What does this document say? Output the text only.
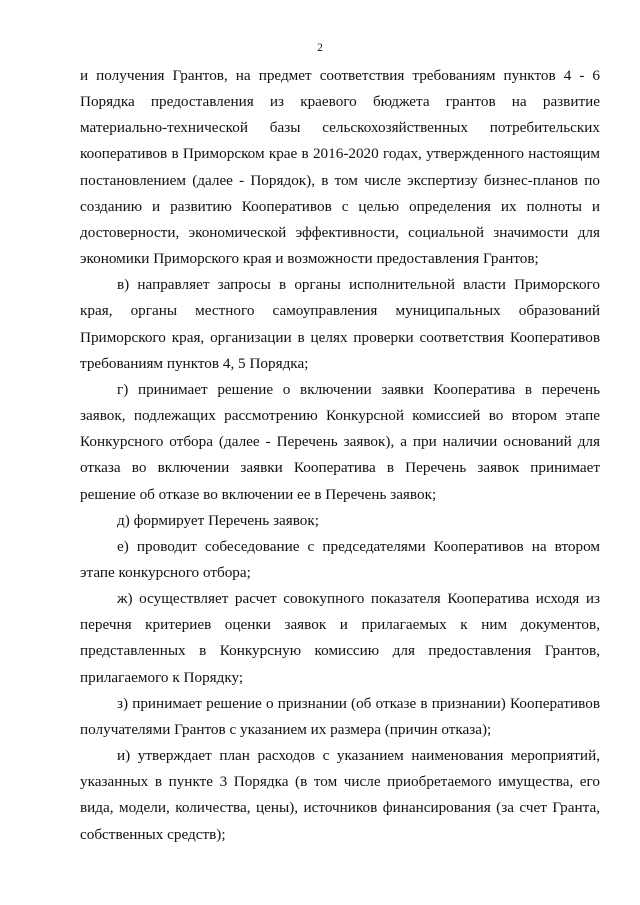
2

и получения Грантов, на предмет соответствия требованиям пунктов 4 - 6 Порядка предоставления из краевого бюджета грантов на развитие материально-технической базы сельскохозяйственных потребительских кооперативов в Приморском крае в 2016-2020 годах, утвержденного настоящим постановлением (далее - Порядок), в том числе экспертизу бизнес-планов по созданию и развитию Кооперативов с целью определения их полноты и достоверности, экономической эффективности, социальной значимости для экономики Приморского края и возможности предоставления Грантов;

в) направляет запросы в органы исполнительной власти Приморского края, органы местного самоуправления муниципальных образований Приморского края, организации в целях проверки соответствия Кооперативов требованиям пунктов 4, 5 Порядка;

г) принимает решение о включении заявки Кооператива в перечень заявок, подлежащих рассмотрению Конкурсной комиссией во втором этапе Конкурсного отбора (далее - Перечень заявок), а при наличии оснований для отказа во включении заявки Кооператива в Перечень заявок принимает решение об отказе во включении ее в Перечень заявок;

д) формирует Перечень заявок;

е) проводит собеседование с председателями Кооперативов на втором этапе конкурсного отбора;

ж) осуществляет расчет совокупного показателя Кооператива исходя из перечня критериев оценки заявок и прилагаемых к ним документов, представленных в Конкурсную комиссию для предоставления Грантов, прилагаемого к Порядку;

з) принимает решение о признании (об отказе в признании) Кооперативов получателями Грантов с указанием их размера (причин отказа);

и) утверждает план расходов с указанием наименования мероприятий, указанных в пункте 3 Порядка (в том числе приобретаемого имущества, его вида, модели, количества, цены), источников финансирования (за счет Гранта, собственных средств);
